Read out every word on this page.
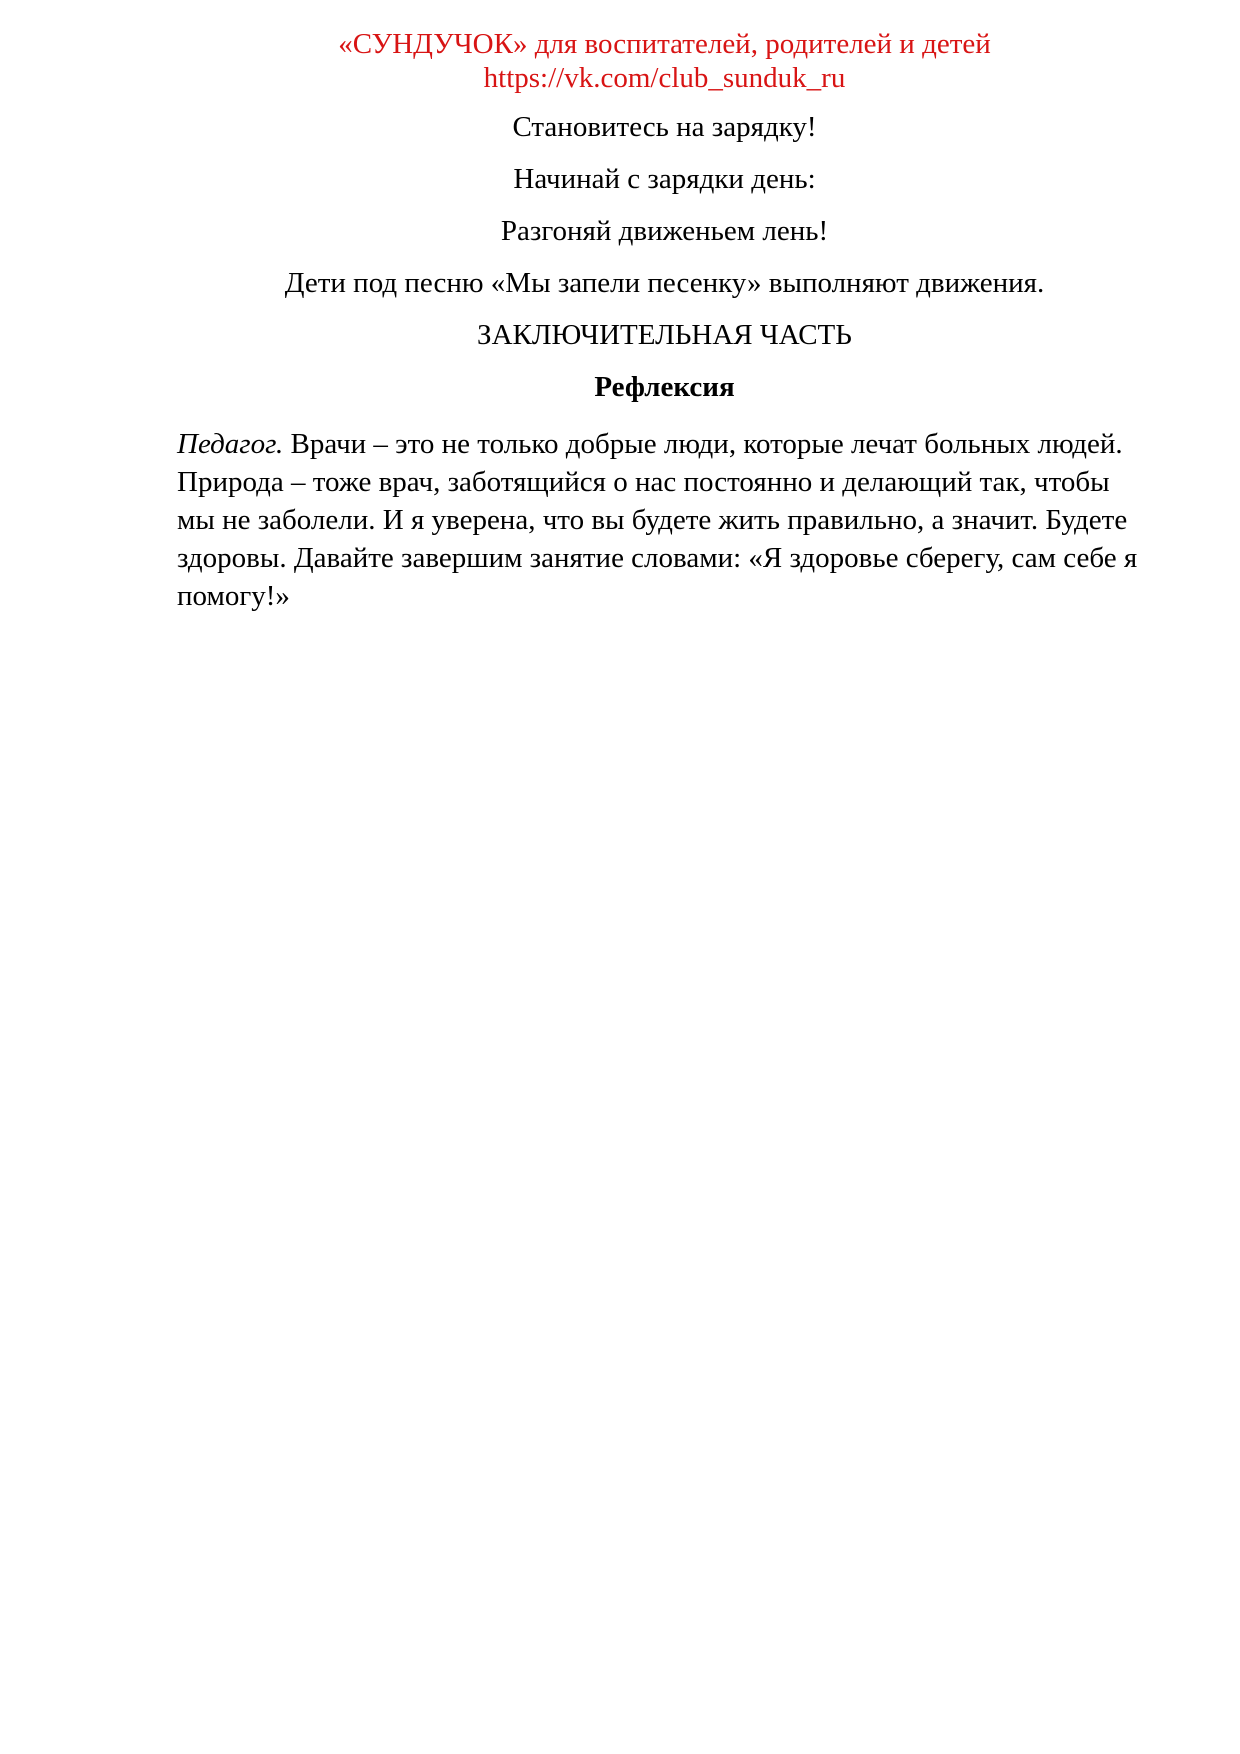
«СУНДУЧОК» для воспитателей, родителей и детей

https://vk.com/club_sunduk_ru

Становитесь на зарядку!

Начинай с зарядки день:

Разгоняй движеньем лень!

Дети под песню «Мы запели песенку» выполняют движения.

ЗАКЛЮЧИТЕЛЬНАЯ ЧАСТЬ

Рефлексия

Педагог. Врачи – это не только добрые люди, которые лечат больных людей. Природа – тоже врач, заботящийся о нас постоянно и делающий так, чтобы мы не заболели. И я уверена, что вы будете жить правильно, а значит. Будете здоровы. Давайте завершим занятие словами: «Я здоровье сберегу, сам себе я помогу!»
